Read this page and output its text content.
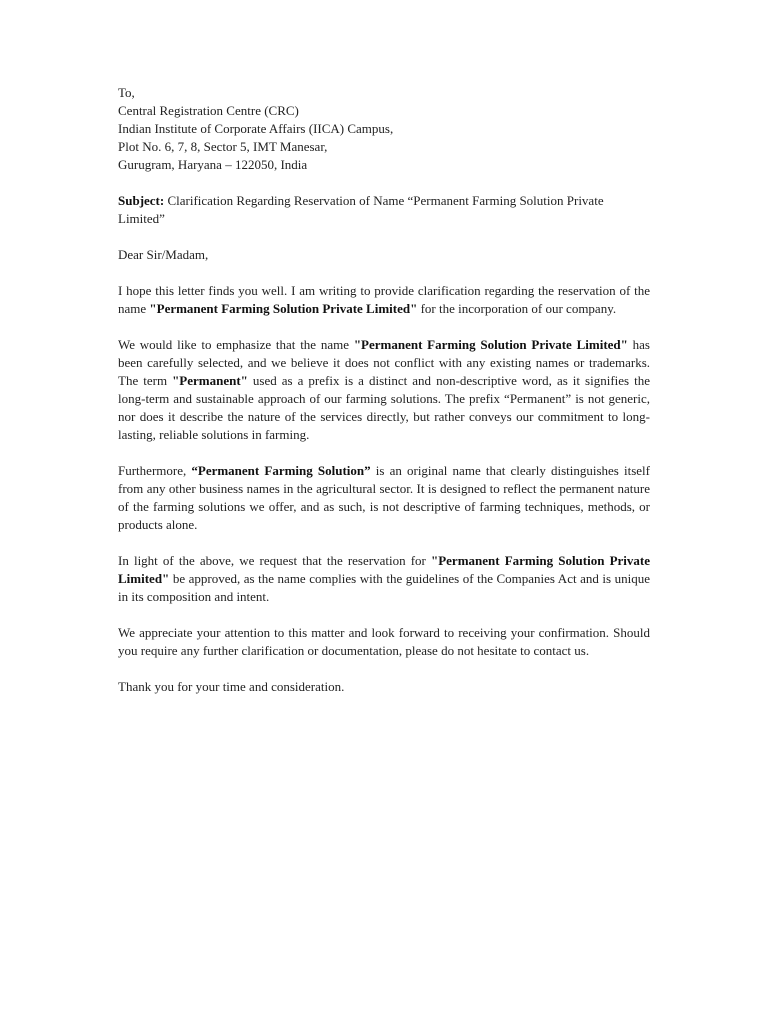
To,
Central Registration Centre (CRC)
Indian Institute of Corporate Affairs (IICA) Campus,
Plot No. 6, 7, 8, Sector 5, IMT Manesar,
Gurugram, Haryana – 122050, India
Subject: Clarification Regarding Reservation of Name “Permanent Farming Solution Private Limited”
Dear Sir/Madam,

I hope this letter finds you well. I am writing to provide clarification regarding the reservation of the name "Permanent Farming Solution Private Limited" for the incorporation of our company.

We would like to emphasize that the name "Permanent Farming Solution Private Limited" has been carefully selected, and we believe it does not conflict with any existing names or trademarks. The term "Permanent" used as a prefix is a distinct and non-descriptive word, as it signifies the long-term and sustainable approach of our farming solutions. The prefix “Permanent” is not generic, nor does it describe the nature of the services directly, but rather conveys our commitment to long-lasting, reliable solutions in farming.

Furthermore, “Permanent Farming Solution” is an original name that clearly distinguishes itself from any other business names in the agricultural sector. It is designed to reflect the permanent nature of the farming solutions we offer, and as such, is not descriptive of farming techniques, methods, or products alone.

In light of the above, we request that the reservation for "Permanent Farming Solution Private Limited" be approved, as the name complies with the guidelines of the Companies Act and is unique in its composition and intent.

We appreciate your attention to this matter and look forward to receiving your confirmation. Should you require any further clarification or documentation, please do not hesitate to contact us.

Thank you for your time and consideration.
